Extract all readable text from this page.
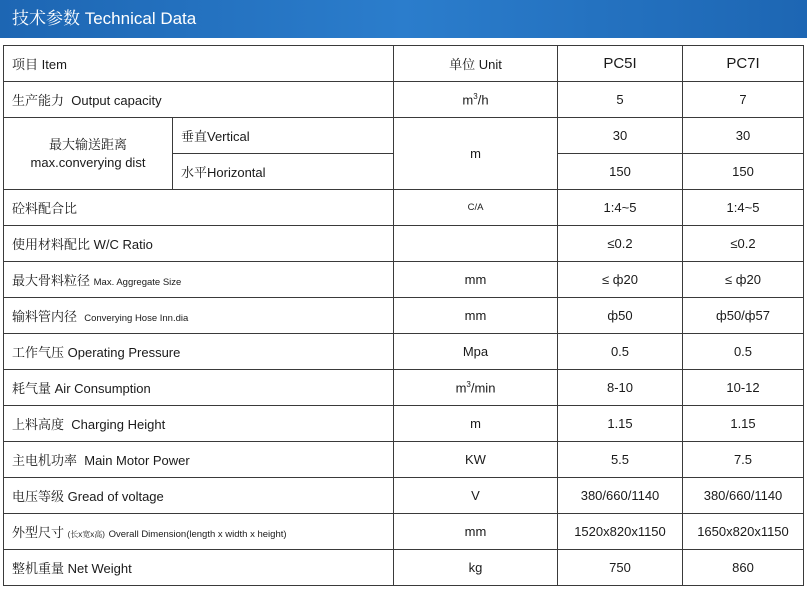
技术参数 Technical Data
项目 Item		单位 Unit	PC5I	PC7I
生产能力 Output capacity		$m^3/h$	5	7

最大输送距离
max.converying dist	垂直Vertical	m	30	30
	水平Horizontal		150	150
砼料配合比		C/A	1:4~5	1:4~5
使用材料配比 W/C Ratio			≤0.2	≤0.2
最大骨料粒径 Max. Aggregate Size		mm	≤ ф20	≤ ф20
输料管内径 Converying Hose Inn.dia		mm	ф50	ф50/ф57
工作气压 Operating Pressure		Mpa	0.5	0.5
耗气量 Air Consumption		$m^3/\min$	8-10	10-12
上料高度 Charging Height		m	1.15	1.15
主电机功率 Main Motor Power		KW	5.5	7.5
电压等级 Gread of voltage		V	380/660/1140	380/660/1140
外型尺寸 (长x宽x高) Overall Dimension(length x width x height)		mm	1520x820x1150	1650x820x1150
整机重量 Net Weight		kg	750	860
